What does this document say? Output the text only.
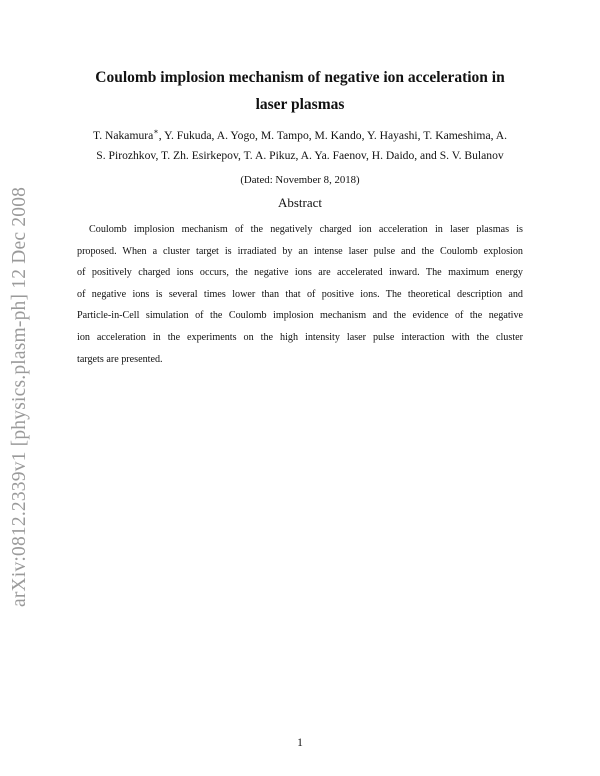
arXiv:0812.2339v1 [physics.plasm-ph] 12 Dec 2008
Coulomb implosion mechanism of negative ion acceleration in
laser plasmas
T. Nakamura∗, Y. Fukuda, A. Yogo, M. Tampo, M. Kando, Y. Hayashi, T. Kameshima, A.
S. Pirozhkov, T. Zh. Esirkepov, T. A. Pikuz, A. Ya. Faenov, H. Daido, and S. V. Bulanov
(Dated: November 8, 2018)
Abstract
Coulomb implosion mechanism of the negatively charged ion acceleration in laser plasmas is
proposed. When a cluster target is irradiated by an intense laser pulse and the Coulomb explosion
of positively charged ions occurs, the negative ions are accelerated inward. The maximum energy
of negative ions is several times lower than that of positive ions. The theoretical description and
Particle-in-Cell simulation of the Coulomb implosion mechanism and the evidence of the negative
ion acceleration in the experiments on the high intensity laser pulse interaction with the cluster
targets are presented.
1
